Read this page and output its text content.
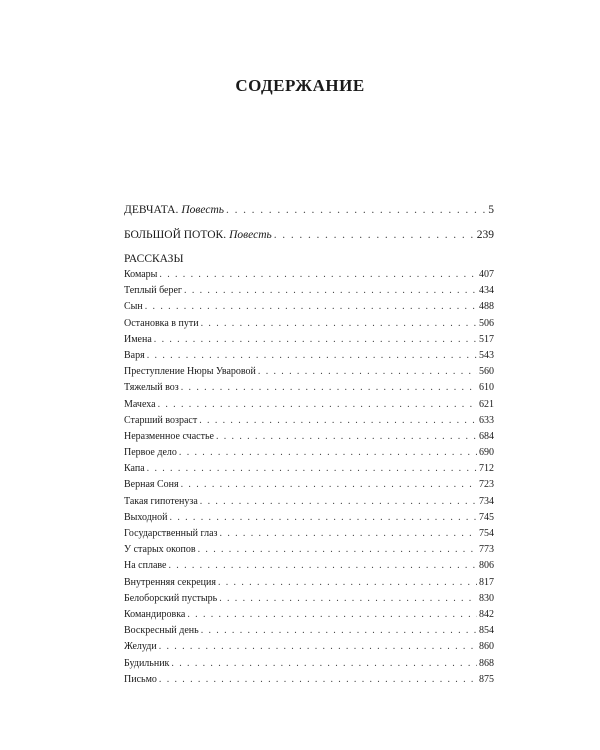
СОДЕРЖАНИЕ
ДЕВЧАТА. Повесть . . .	5
БОЛЬШОЙ ПОТОК. Повесть . . .	239
РАССКАЗЫ
Комары . . .	407
Теплый берег . . .	434
Сын . . .	488
Остановка в пути . . .	506
Имена . . .	517
Варя . . .	543
Преступление Нюры Уваровой . . .	560
Тяжелый воз . . .	610
Мачеха . . .	621
Старший возраст . . .	633
Неразменное счастье . . .	684
Первое дело . . .	690
Капа . . .	712
Верная Соня . . .	723
Такая гипотенуза . . .	734
Выходной . . .	745
Государственный глаз . . .	754
У старых окопов . . .	773
На сплаве . . .	806
Внутренняя секреция . . .	817
Белоборский пустырь . . .	830
Командировка . . .	842
Воскресный день . . .	854
Желуди . . .	860
Будильник . . .	868
Письмо . . .	875
